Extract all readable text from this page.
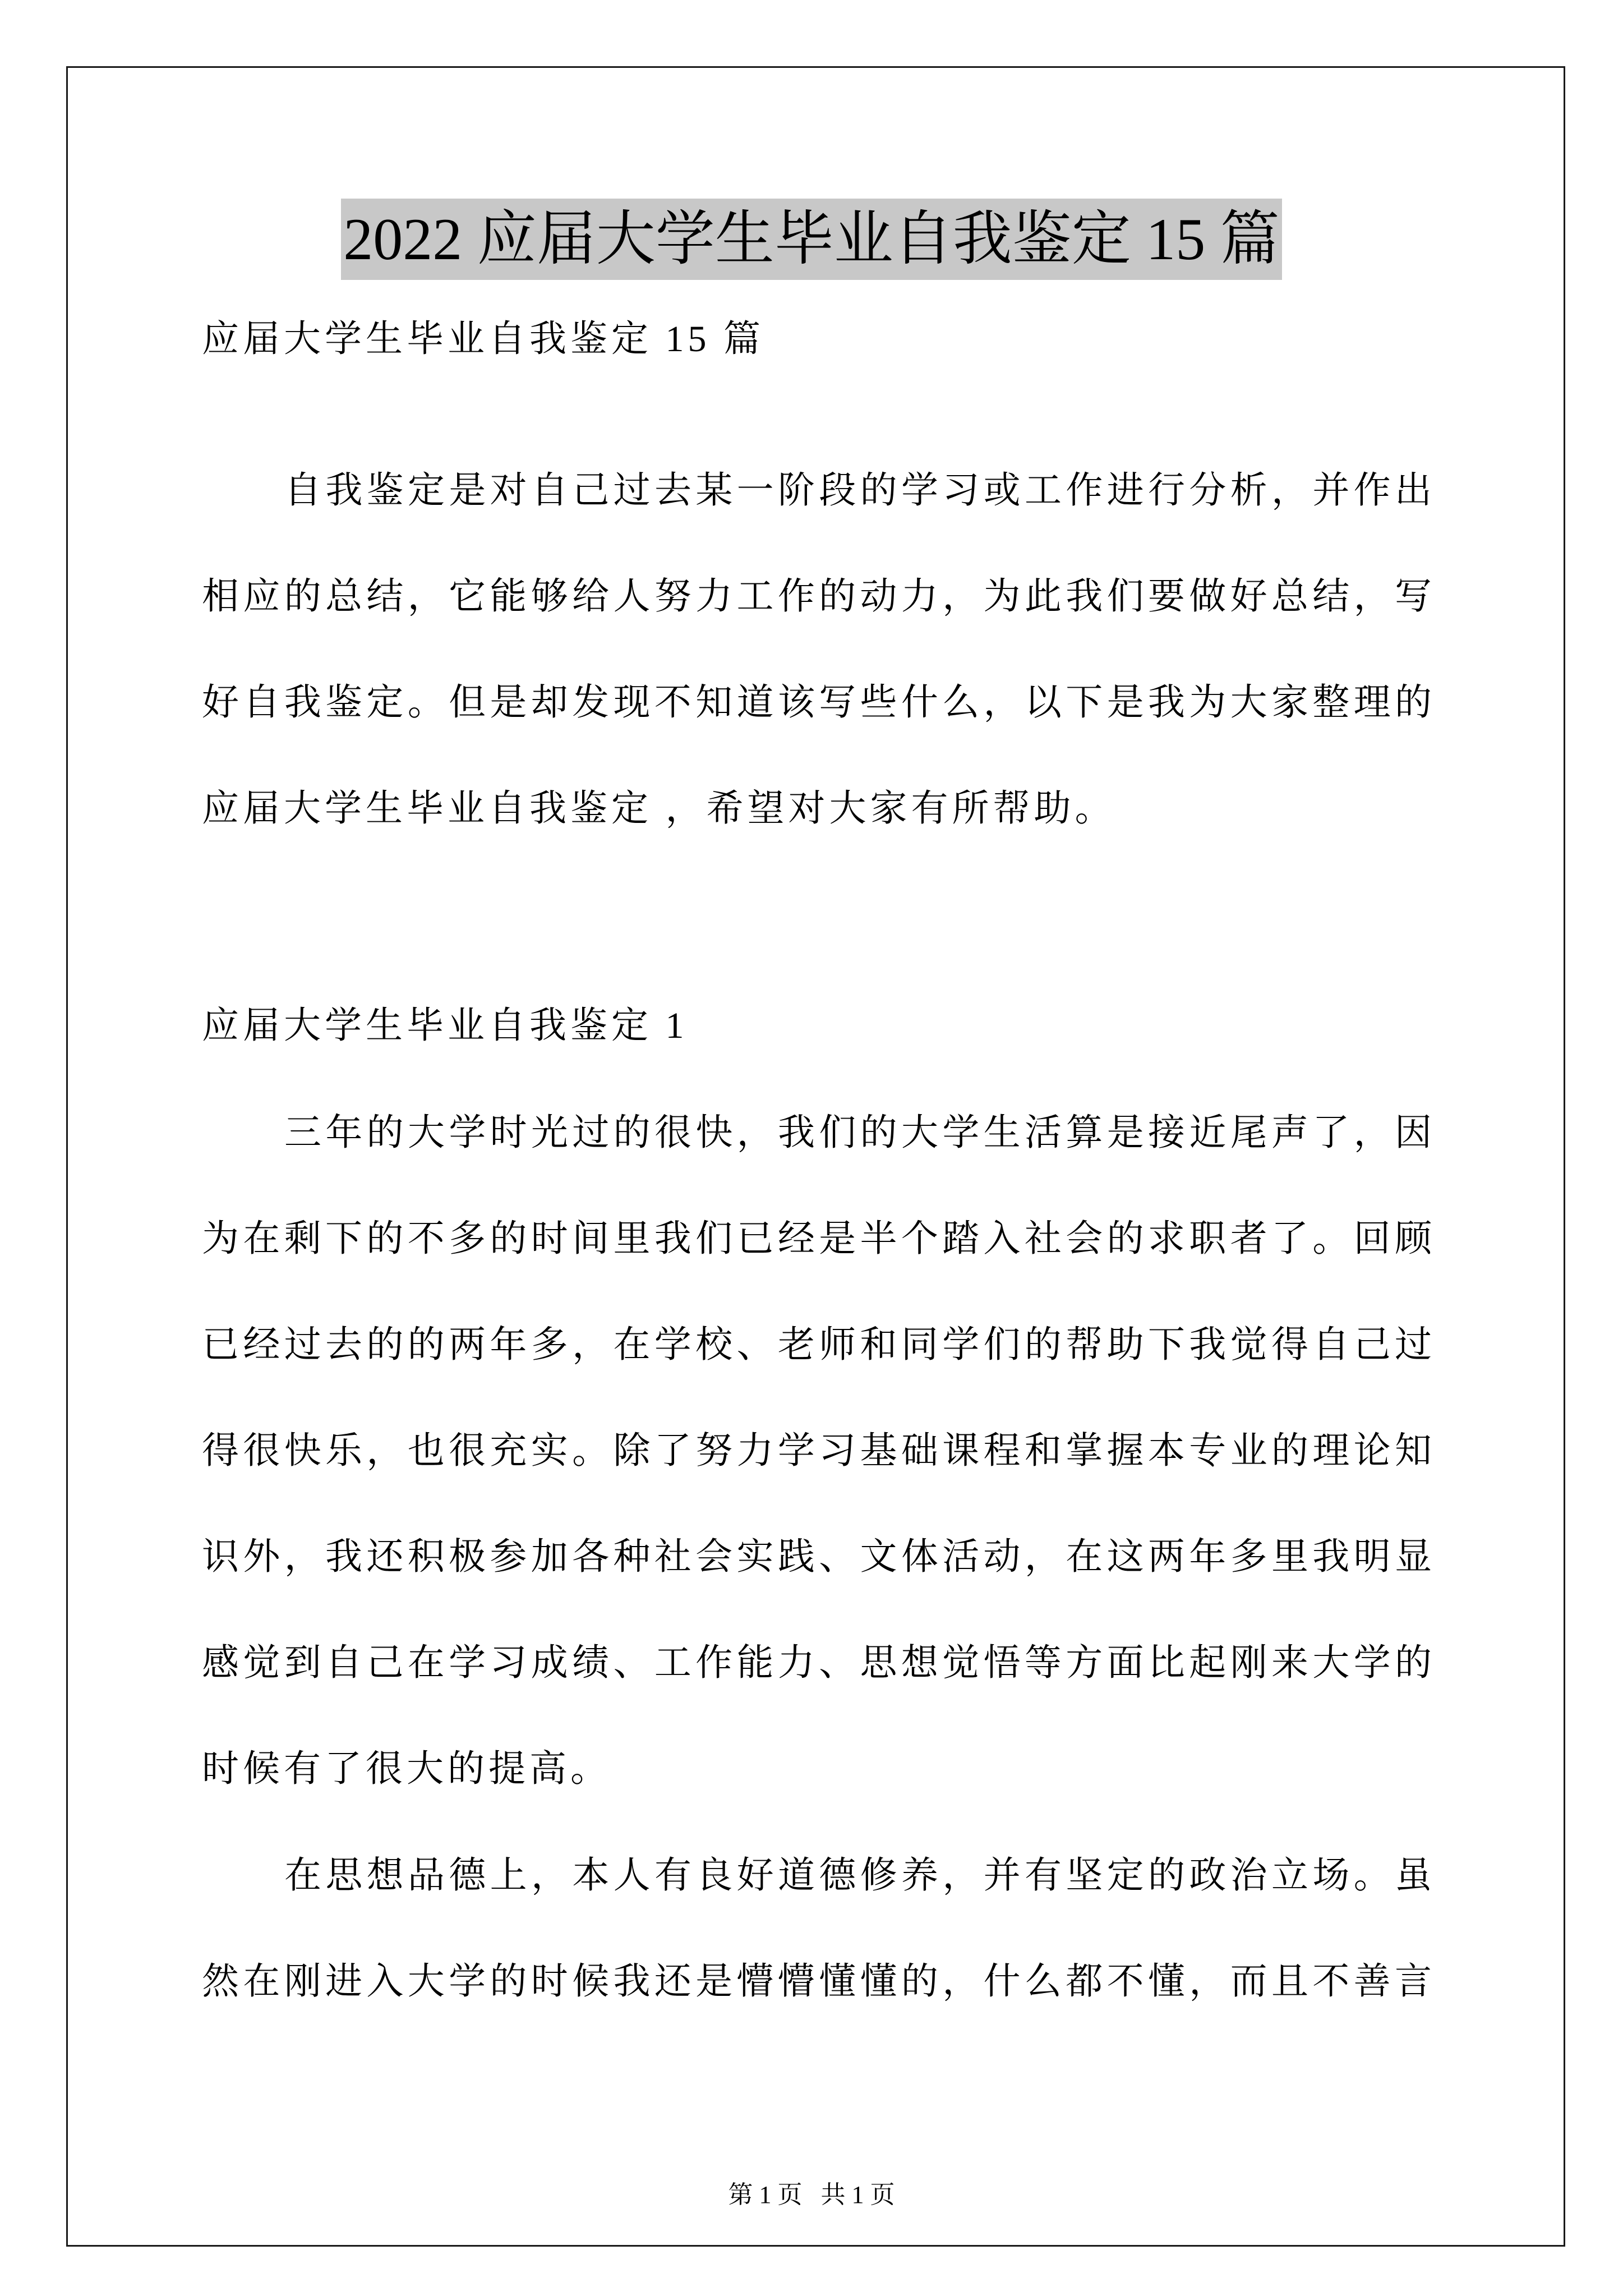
2022 应届大学生毕业自我鉴定 15 篇
应届大学生毕业自我鉴定 15 篇
自我鉴定是对自己过去某一阶段的学习或工作进行分析，并作出
相应的总结，它能够给人努力工作的动力，为此我们要做好总结，写
好自我鉴定。但是却发现不知道该写些什么，以下是我为大家整理的
应届大学生毕业自我鉴定 ，希望对大家有所帮助。
应届大学生毕业自我鉴定 1
三年的大学时光过的很快，我们的大学生活算是接近尾声了，因
为在剩下的不多的时间里我们已经是半个踏入社会的求职者了。回顾
已经过去的的两年多，在学校、老师和同学们的帮助下我觉得自己过
得很快乐，也很充实。除了努力学习基础课程和掌握本专业的理论知
识外，我还积极参加各种社会实践、文体活动，在这两年多里我明显
感觉到自己在学习成绩、工作能力、思想觉悟等方面比起刚来大学的
时候有了很大的提高。
在思想品德上，本人有良好道德修养，并有坚定的政治立场。虽
然在刚进入大学的时候我还是懵懵懂懂的，什么都不懂，而且不善言
第 1 页   共 1 页
